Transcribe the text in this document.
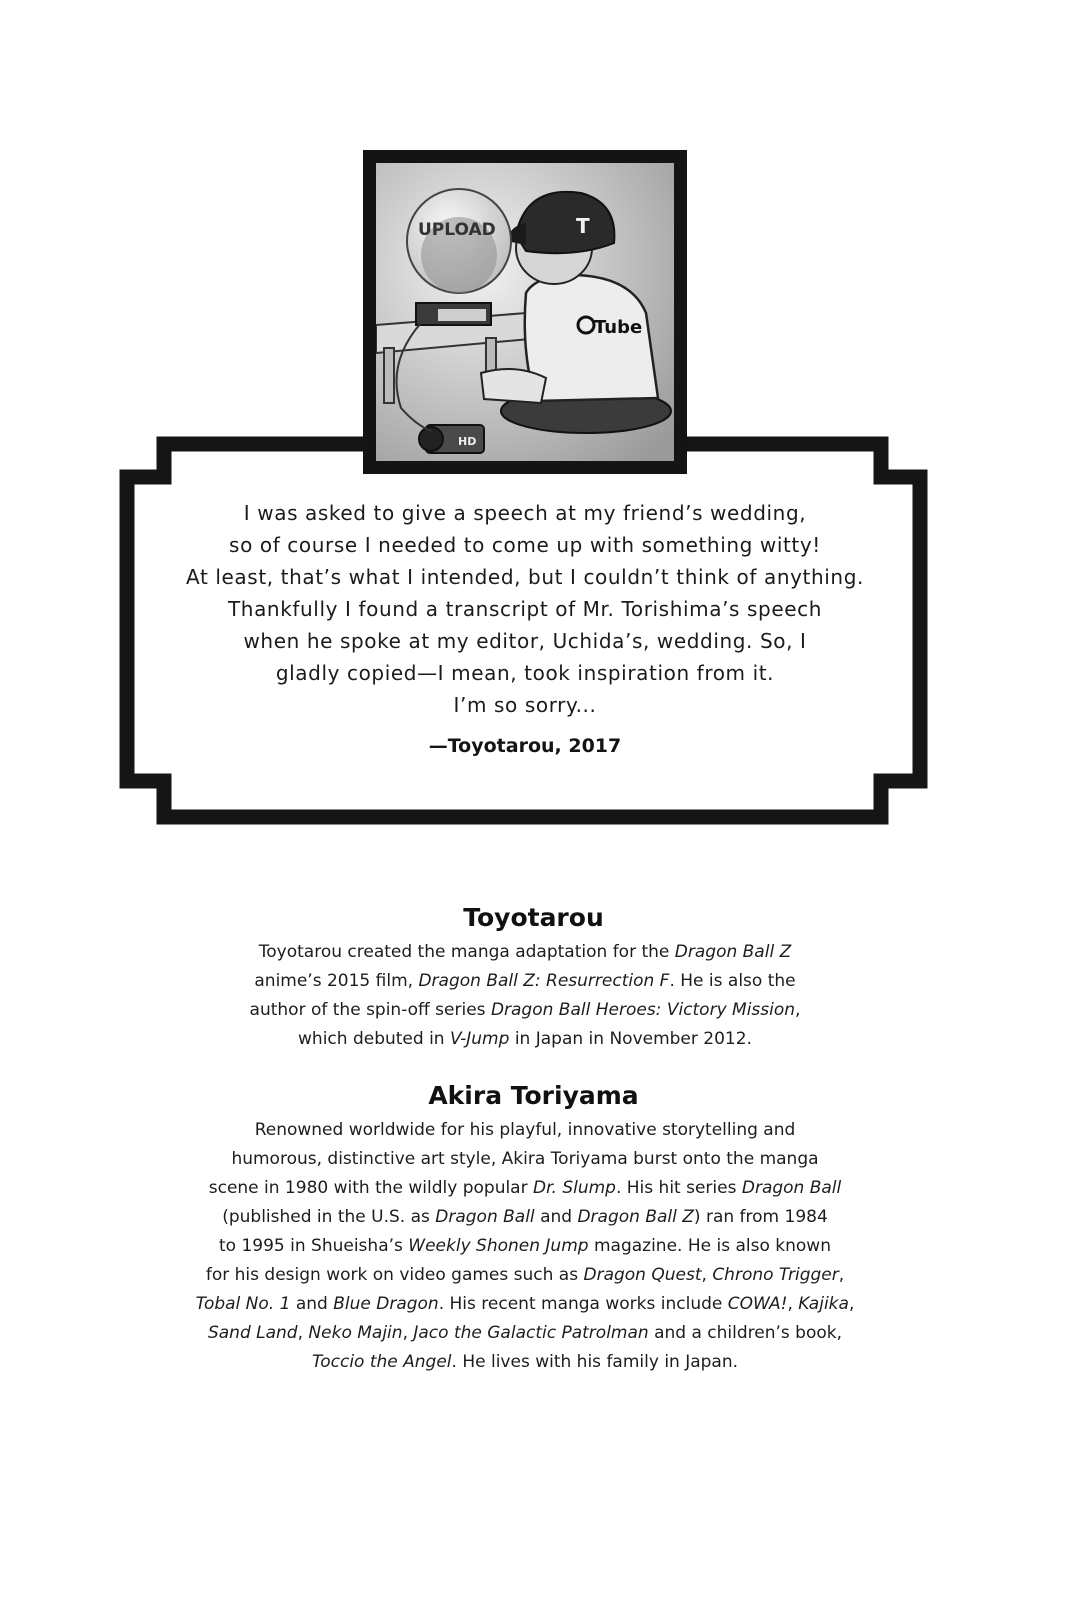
T
Tube
UPLOAD
HD
I was asked to give a speech at my friend’s wedding,
so of course I needed to come up with something witty!
At least, that’s what I intended, but I couldn’t think of anything.
Thankfully I found a transcript of Mr. Torishima’s speech
when he spoke at my editor, Uchida’s, wedding. So, I
gladly copied—I mean, took inspiration from it.
I’m so sorry...
—Toyotarou, 2017
Toyotarou
Toyotarou created the manga adaptation for the Dragon Ball Z
anime’s 2015 film, Dragon Ball Z: Resurrection F. He is also the
author of the spin-off series Dragon Ball Heroes: Victory Mission,
which debuted in V-Jump in Japan in November 2012.
Akira Toriyama
Renowned worldwide for his playful, innovative storytelling and
humorous, distinctive art style, Akira Toriyama burst onto the manga
scene in 1980 with the wildly popular Dr. Slump. His hit series Dragon Ball
(published in the U.S. as Dragon Ball and Dragon Ball Z) ran from 1984
to 1995 in Shueisha’s Weekly Shonen Jump magazine. He is also known
for his design work on video games such as Dragon Quest, Chrono Trigger,
Tobal No. 1 and Blue Dragon. His recent manga works include COWA!, Kajika,
Sand Land, Neko Majin, Jaco the Galactic Patrolman and a children’s book,
Toccio the Angel. He lives with his family in Japan.
